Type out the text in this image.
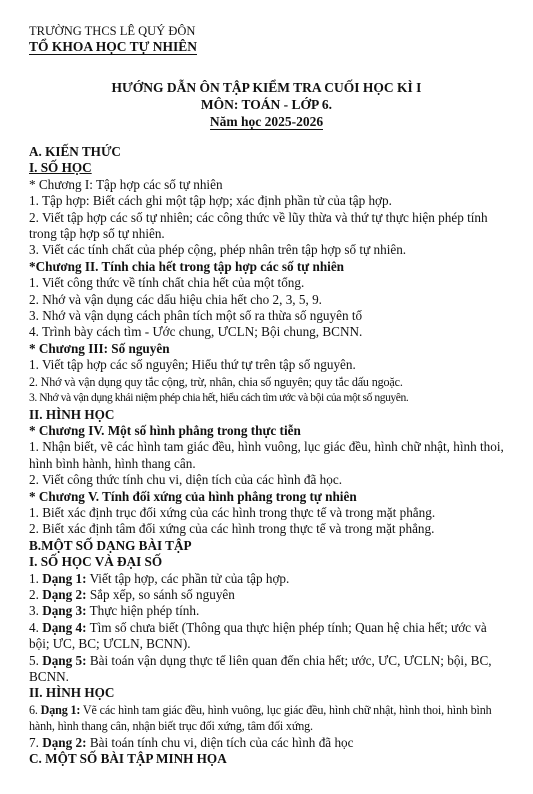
TRƯỜNG THCS LÊ QUÝ ĐÔN
TỔ KHOA HỌC TỰ NHIÊN
HƯỚNG DẪN ÔN TẬP KIỂM TRA CUỐI HỌC KÌ I
MÔN: TOÁN - LỚP 6.
Năm học 2025-2026
A. KIẾN THỨC
I. SỐ HỌC
* Chương I: Tập hợp các số tự nhiên
1. Tập hợp: Biết cách ghi một tập hợp; xác định phần tử của tập hợp.
2. Viết tập hợp các số tự nhiên; các công thức về lũy thừa và thứ tự thực hiện phép tính trong tập hợp số tự nhiên.
3. Viết các tính chất của phép cộng, phép nhân trên tập hợp số tự nhiên.
*Chương II. Tính chia hết trong tập hợp các số tự nhiên
1. Viết công thức về tính chất chia hết của một tổng.
2. Nhớ và vận dụng các dấu hiệu chia hết cho 2, 3, 5, 9.
3. Nhớ và vận dụng cách phân tích một số ra thừa số nguyên tố
4. Trình bày cách tìm - Ước chung, ƯCLN; Bội chung, BCNN.
* Chương III: Số nguyên
1. Viết tập hợp các số nguyên; Hiểu thứ tự trên tập số nguyên.
2. Nhớ và vận dụng quy tắc cộng, trừ, nhân, chia số nguyên; quy tắc dấu ngoặc.
3. Nhớ và vận dụng khái niệm phép chia hết, hiểu cách tìm ước và bội của một số nguyên.
II. HÌNH HỌC
* Chương IV. Một số hình phẳng trong thực tiễn
1. Nhận biết, vẽ các hình tam giác đều, hình vuông, lục giác đều, hình chữ nhật, hình thoi, hình bình hành, hình thang cân.
2. Viết công thức tính chu vi, diện tích của các hình đã học.
* Chương V. Tính đối xứng của hình phẳng trong tự nhiên
1. Biết xác định trục đối xứng của các hình trong thực tế và trong mặt phẳng.
2. Biết xác định tâm đối xứng của các hình trong thực tế và trong mặt phẳng.
B.MỘT SỐ DẠNG BÀI TẬP
I. SỐ HỌC VÀ ĐẠI SỐ
1. Dạng 1: Viết tập hợp, các phần tử của tập hợp.
2. Dạng 2: Sắp xếp, so sánh số nguyên
3. Dạng 3: Thực hiện phép tính.
4. Dạng 4: Tìm số chưa biết (Thông qua thực hiện phép tính; Quan hệ chia hết; ước và bội; ƯC, BC; ƯCLN, BCNN).
5. Dạng 5: Bài toán vận dụng thực tế liên quan đến chia hết; ước, ƯC, ƯCLN; bội, BC, BCNN.
II. HÌNH HỌC
6. Dạng 1: Vẽ các hình tam giác đều, hình vuông, lục giác đều, hình chữ nhật, hình thoi, hình bình hành, hình thang cân, nhận biết trục đối xứng, tâm đối xứng.
7. Dạng 2: Bài toán tính chu vi, diện tích của các hình đã học
C. MỘT SỐ BÀI TẬP MINH HỌA
